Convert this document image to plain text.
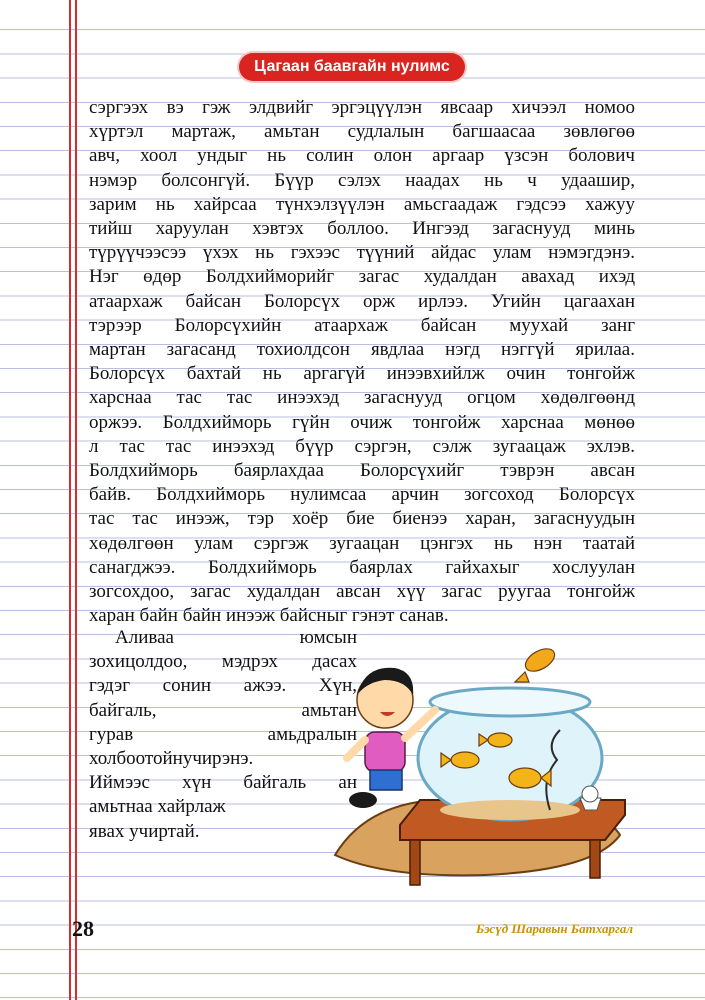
Цагаан баавгайн нулимс
сэргээх вэ гэж элдвийг эргэцүүлэн явсаар хичээл номоо
хүртэл мартаж, амьтан судлалын багшаасаа зөвлөгөө
авч, хоол ундыг нь солин олон аргаар үзсэн болович
нэмэр болсонгүй. Бүүр сэлэх наадах нь ч удаашир,
зарим нь хайрсаа түнхэлзүүлэн амьсгаадаж гэдсээ хажуу
тийш харуулан хэвтэх боллоо. Ингээд загаснууд минь
түрүүчээсээ үхэх нь гэхээс түүний айдас улам нэмэгдэнэ.
Нэг өдөр Болдхийморийг загас худалдан авахад ихэд
атаархаж байсан Болорсүх орж ирлээ. Угийн цагаахан
тэрээр Болорсүхийн атаархаж байсан муухай занг
мартан загасанд тохиолдсон явдлаа нэгд нэггүй ярилаа.
Болорсүх бахтай нь аргагүй инээвхийлж очин тонгойж
харснаа тас тас инээхэд загаснууд огцом хөдөлгөөнд
оржээ. Болдхийморь гүйн очиж тонгойж харснаа мөнөө
л тас тас инээхэд бүүр сэргэн, сэлж зугаацаж эхлэв.
Болдхийморь баярлахдаа Болорсүхийг тэврэн авсан
байв. Болдхийморь нулимсаа арчин зогсоход Болорсүх
тас тас инээж, тэр хоёр бие биенээ харан, загаснуудын
хөдөлгөөн улам сэргэж зугаацан цэнгэх нь нэн таатай
санагджээ. Болдхийморь баярлах гайхахыг хослуулан
зогсохдоо, загас худалдан авсан хүү загас руугаа тонгойж
харан байн байн инээж байсныг гэнэт санав.
Аливаа юмсын
зохицолдоо, мэдрэх дасах
гэдэг сонин ажээ. Хүн,
байгаль, амьтан
гурав амьдралын
холбоотойнучирэнэ.
Иймээс хүн байгаль ан
амьтнаа хайрлаж
явах учиртай.
28	Бэсүд Шаравын Батхаргал
